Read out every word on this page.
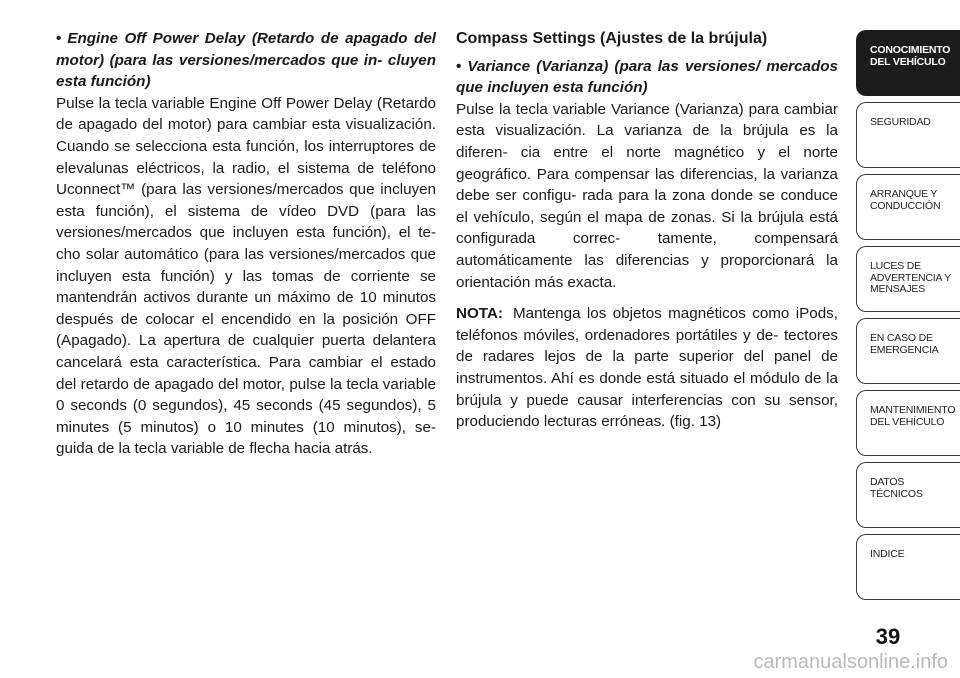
• Engine Off Power Delay (Retardo de apagado del motor) (para las versiones/mercados que in- cluyen esta función)

Pulse la tecla variable Engine Off Power Delay (Retardo de apagado del motor) para cambiar esta visualización. Cuando se selecciona esta función, los interruptores de elevalunas eléctricos, la radio, el sistema de teléfono Uconnect™ (para las versiones/mercados que incluyen esta función), el sistema de vídeo DVD (para las versiones/mercados que incluyen esta función), el te- cho solar automático (para las versiones/mercados que incluyen esta función) y las tomas de corriente se mantendrán activos durante un máximo de 10 minutos después de colocar el encendido en la posición OFF (Apagado). La apertura de cualquier puerta delantera cancelará esta característica. Para cambiar el estado del retardo de apagado del motor, pulse la tecla variable 0 seconds (0 segundos), 45 seconds (45 segundos), 5 minutes (5 minutos) o 10 minutes (10 minutos), se- guida de la tecla variable de flecha hacia atrás.

Compass Settings (Ajustes de la brújula)

• Variance (Varianza) (para las versiones/ mercados que incluyen esta función)

Pulse la tecla variable Variance (Varianza) para cambiar esta visualización. La varianza de la brújula es la diferen- cia entre el norte magnético y el norte geográfico. Para compensar las diferencias, la varianza debe ser configu- rada para la zona donde se conduce el vehículo, según el mapa de zonas. Si la brújula está configurada correc- tamente, compensará automáticamente las diferencias y proporcionará la orientación más exacta.

NOTA: Mantenga los objetos magnéticos como iPods, teléfonos móviles, ordenadores portátiles y de- tectores de radares lejos de la parte superior del panel de instrumentos. Ahí es donde está situado el módulo de la brújula y puede causar interferencias con su sensor, produciendo lecturas erróneas. (fig. 13)

CONOCIMIENTO
DEL VEHÍCULO
SEGURIDAD
ARRANQUE Y
CONDUCCIÓN
LUCES DE
ADVERTENCIA Y
MENSAJES
EN CASO DE
EMERGENCIA
MANTENIMIENTO
DEL VEHÍCULO
DATOS
TÉCNICOS
INDICE
39
carmanualsonline.info
